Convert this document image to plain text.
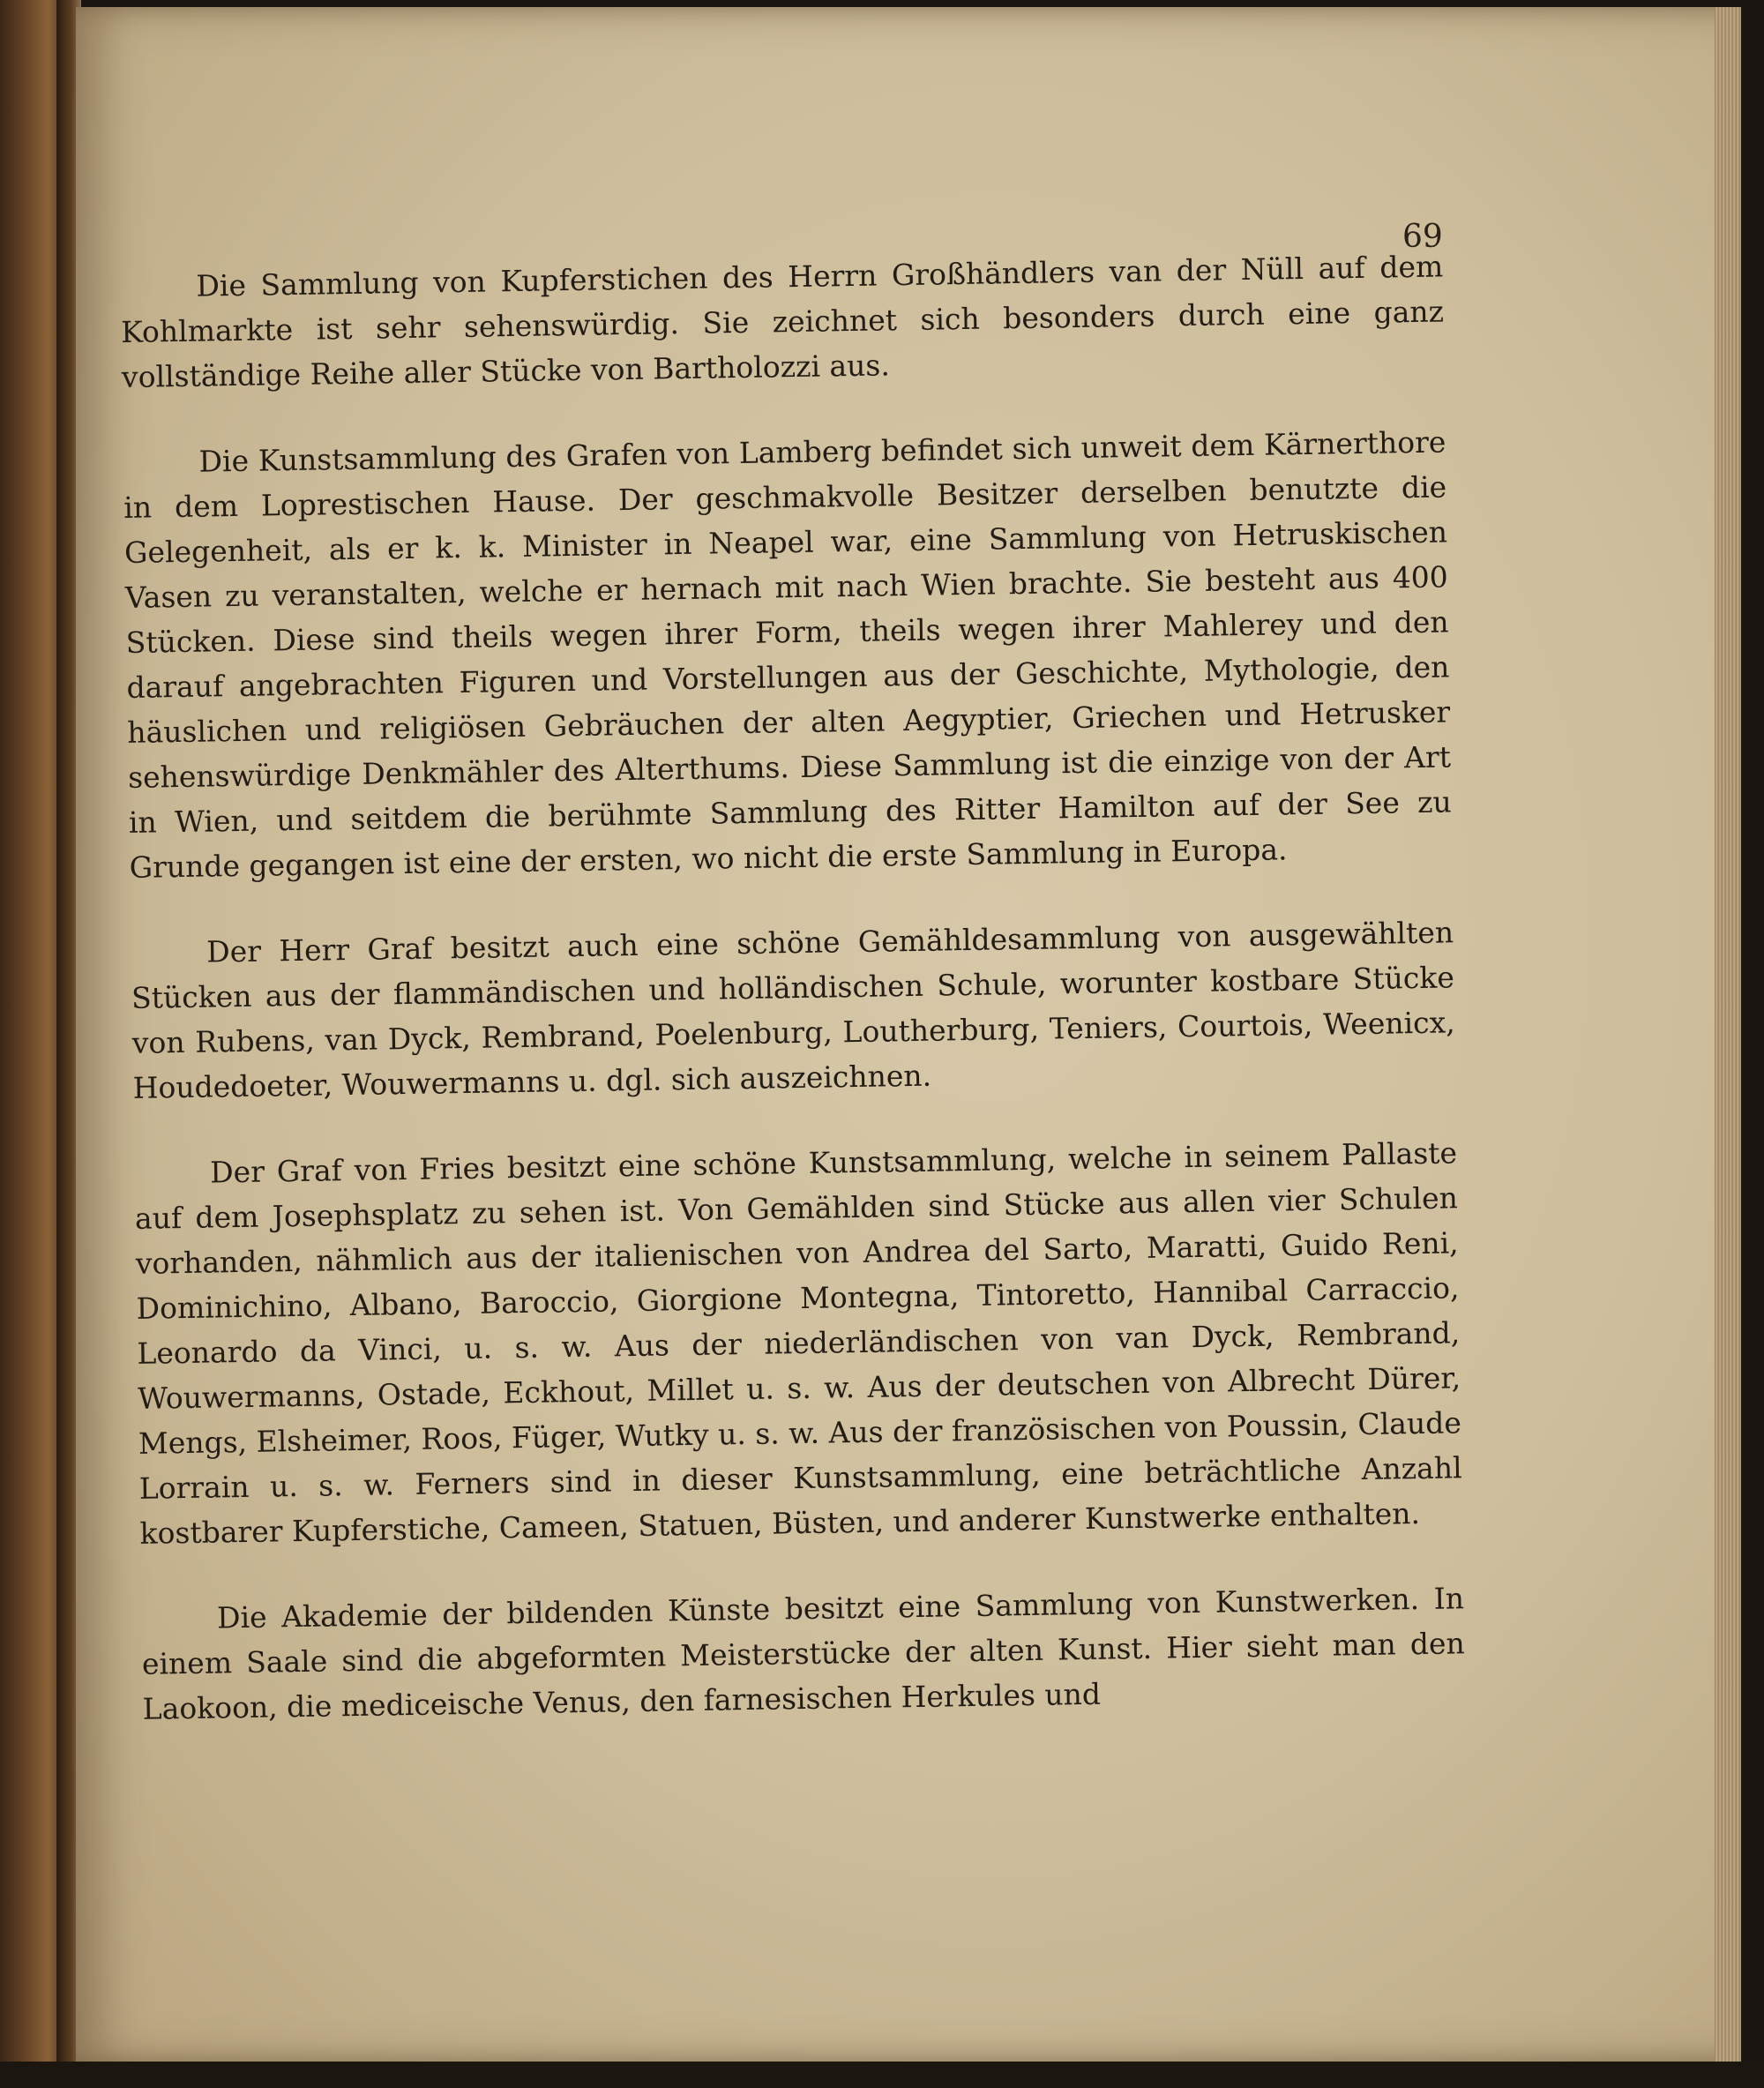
69

Die Sammlung von Kupferstichen des Herrn Großhändlers van der Nüll auf dem Kohlmarkte ist sehr sehenswürdig. Sie zeichnet sich besonders durch eine ganz vollständige Reihe aller Stücke von Bartholozzi aus.

Die Kunstsammlung des Grafen von Lamberg befindet sich unweit dem Kärnerthore in dem Loprestischen Hause. Der geschmakvolle Besitzer derselben benutzte die Gelegenheit, als er k. k. Minister in Neapel war, eine Sammlung von Hetruskischen Vasen zu veranstalten, welche er hernach mit nach Wien brachte. Sie besteht aus 400 Stücken. Diese sind theils wegen ihrer Form, theils wegen ihrer Mahlerey und den darauf angebrachten Figuren und Vorstellungen aus der Geschichte, Mythologie, den häuslichen und religiösen Gebräuchen der alten Aegyptier, Griechen und Hetrusker sehenswürdige Denkmähler des Alterthums. Diese Sammlung ist die einzige von der Art in Wien, und seitdem die berühmte Sammlung des Ritter Hamilton auf der See zu Grunde gegangen ist eine der ersten, wo nicht die erste Sammlung in Europa.

Der Herr Graf besitzt auch eine schöne Gemähldesammlung von ausgewählten Stücken aus der flammändischen und holländischen Schule, worunter kostbare Stücke von Rubens, van Dyck, Rembrand, Poelenburg, Loutherburg, Teniers, Courtois, Weenicx, Houdedoeter, Wouwermanns u. dgl. sich auszeichnen.

Der Graf von Fries besitzt eine schöne Kunstsammlung, welche in seinem Pallaste auf dem Josephsplatz zu sehen ist. Von Gemählden sind Stücke aus allen vier Schulen vorhanden, nähmlich aus der italienischen von Andrea del Sarto, Maratti, Guido Reni, Dominichino, Albano, Baroccio, Giorgione Montegna, Tintoretto, Hannibal Carraccio, Leonardo da Vinci, u. s. w. Aus der niederländischen von van Dyck, Rembrand, Wouwermanns, Ostade, Eckhout, Millet u. s. w. Aus der deutschen von Albrecht Dürer, Mengs, Elsheimer, Roos, Füger, Wutky u. s. w. Aus der französischen von Poussin, Claude Lorrain u. s. w. Ferners sind in dieser Kunstsammlung, eine beträchtliche Anzahl kostbarer Kupferstiche, Cameen, Statuen, Büsten, und anderer Kunstwerke enthalten.

Die Akademie der bildenden Künste besitzt eine Sammlung von Kunstwerken. In einem Saale sind die abgeformten Meisterstücke der alten Kunst. Hier sieht man den Laokoon, die mediceische Venus, den farnesischen Herkules und
